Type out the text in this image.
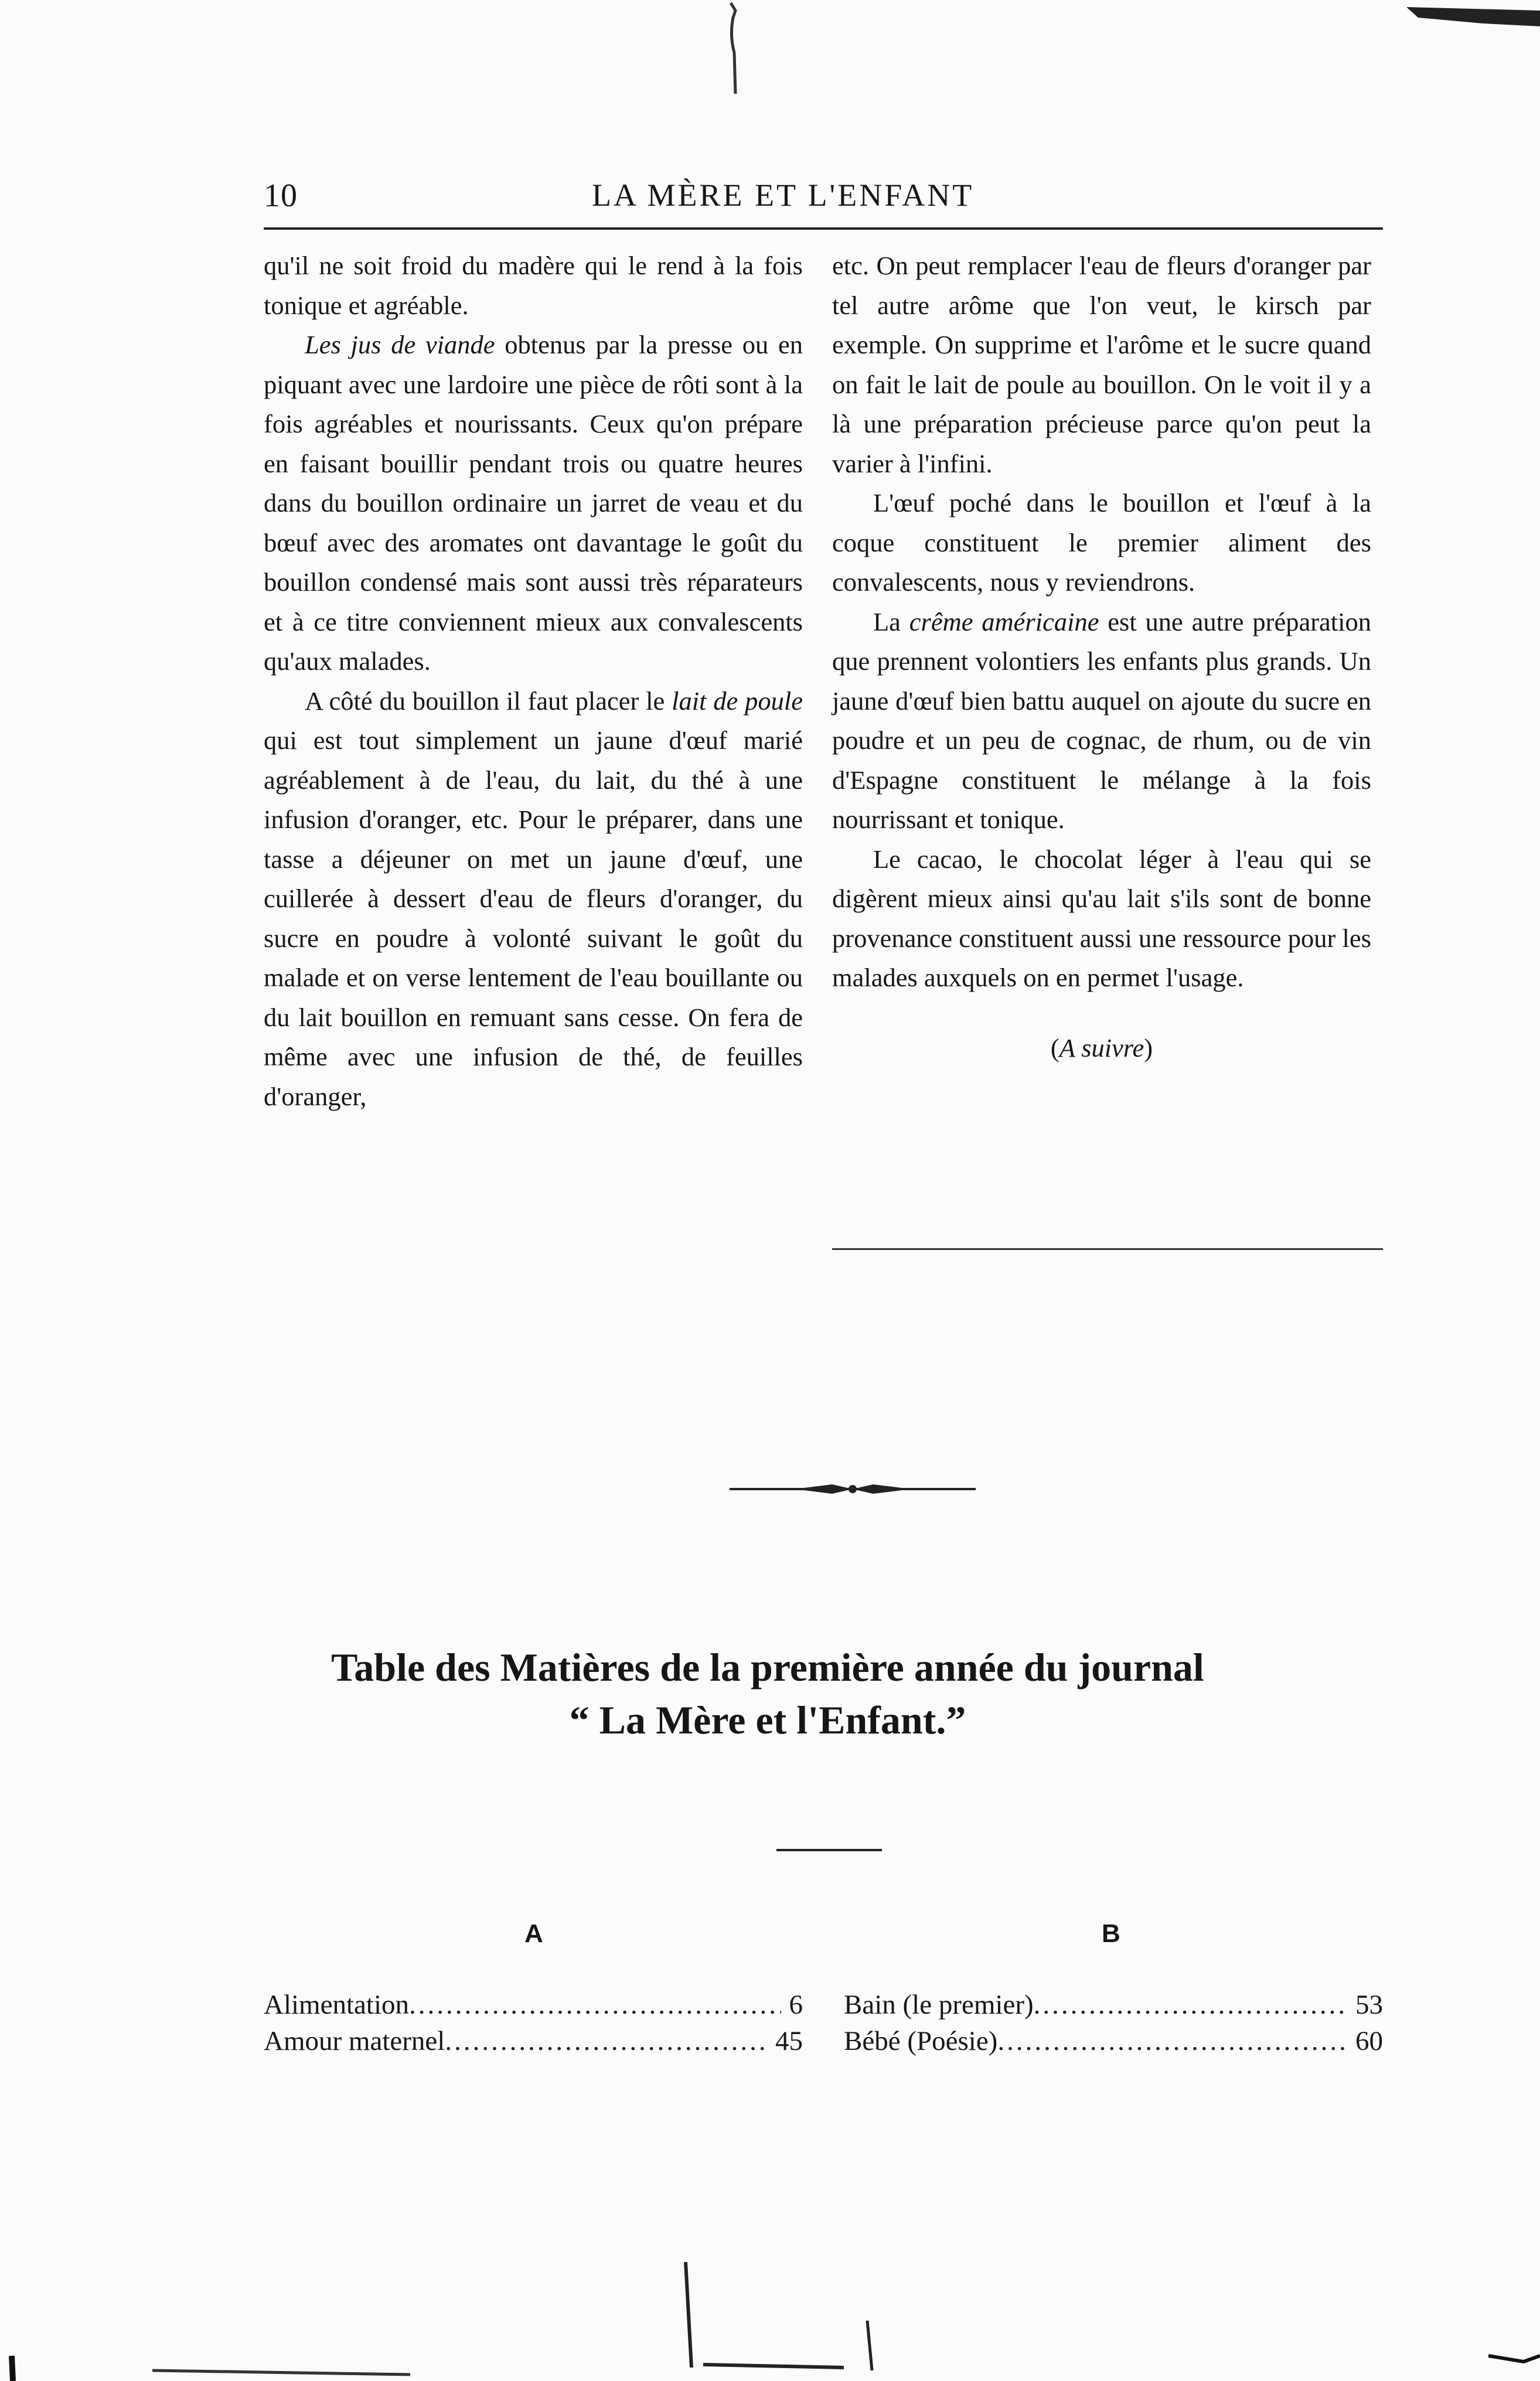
10	LA MÈRE ET L'ENFANT

qu'il ne soit froid du madère qui le rend à la fois tonique et agréable.

Les jus de viande obtenus par la presse ou en piquant avec une lardoire une pièce de rôti sont à la fois agréables et nourissants. Ceux qu'on prépare en faisant bouillir pendant trois ou quatre heures dans du bouillon ordinaire un jarret de veau et du bœuf avec des aromates ont davantage le goût du bouillon condensé mais sont aussi très réparateurs et à ce titre conviennent mieux aux convalescents qu'aux malades.

A côté du bouillon il faut placer le lait de poule qui est tout simplement un jaune d'œuf marié agréablement à de l'eau, du lait, du thé à une infusion d'oranger, etc. Pour le préparer, dans une tasse a déjeuner on met un jaune d'œuf, une cuillerée à dessert d'eau de fleurs d'oranger, du sucre en poudre à volonté suivant le goût du malade et on verse lentement de l'eau bouillante ou du lait bouillon en remuant sans cesse. On fera de même avec une infusion de thé, de feuilles d'oranger,

etc. On peut remplacer l'eau de fleurs d'oranger par tel autre arôme que l'on veut, le kirsch par exemple. On supprime et l'arôme et le sucre quand on fait le lait de poule au bouillon. On le voit il y a là une préparation précieuse parce qu'on peut la varier à l'infini.

L'œuf poché dans le bouillon et l'œuf à la coque constituent le premier aliment des convalescents, nous y reviendrons.

La crême américaine est une autre préparation que prennent volontiers les enfants plus grands. Un jaune d'œuf bien battu auquel on ajoute du sucre en poudre et un peu de cognac, de rhum, ou de vin d'Espagne constituent le mélange à la fois nourrissant et tonique.

Le cacao, le chocolat léger à l'eau qui se digèrent mieux ainsi qu'au lait s'ils sont de bonne provenance constituent aussi une ressource pour les malades auxquels on en permet l'usage.

(A suivre)

Table des Matières de la première année du journal
“ La Mère et l'Enfant.”
A	B
Alimentation .....	6
Amour maternel .....	45
Bain (le premier) .....	53
Bébé (Poésie) .....	60
